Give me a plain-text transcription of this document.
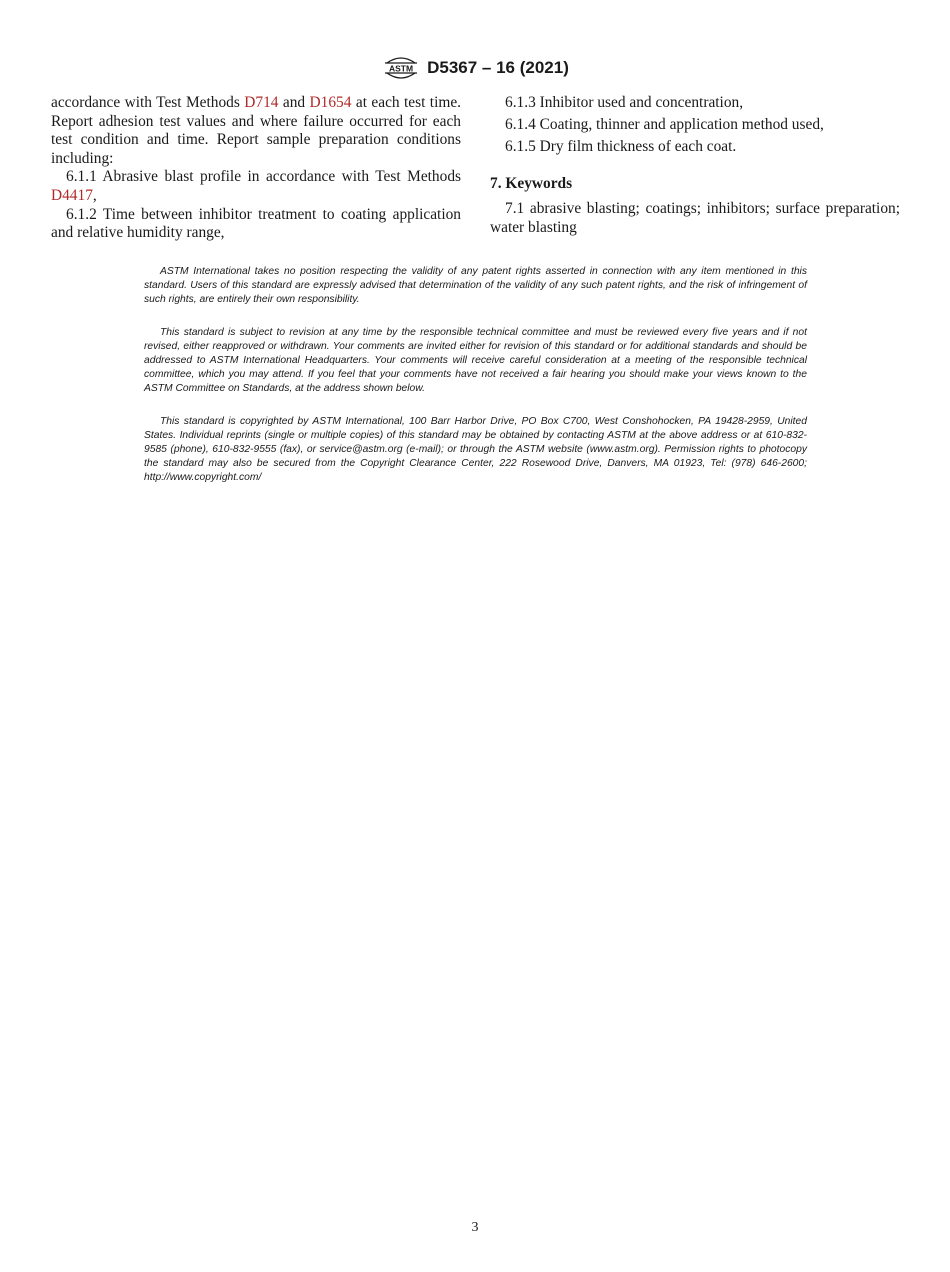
ASTM D5367 – 16 (2021)

accordance with Test Methods D714 and D1654 at each test time. Report adhesion test values and where failure occurred for each test condition and time. Report sample preparation conditions including:

6.1.1 Abrasive blast profile in accordance with Test Methods D4417,

6.1.2 Time between inhibitor treatment to coating application and relative humidity range,

6.1.3 Inhibitor used and concentration,

6.1.4 Coating, thinner and application method used,

6.1.5 Dry film thickness of each coat.

7. Keywords

7.1 abrasive blasting; coatings; inhibitors; surface preparation; water blasting

ASTM International takes no position respecting the validity of any patent rights asserted in connection with any item mentioned in this standard. Users of this standard are expressly advised that determination of the validity of any such patent rights, and the risk of infringement of such rights, are entirely their own responsibility.

This standard is subject to revision at any time by the responsible technical committee and must be reviewed every five years and if not revised, either reapproved or withdrawn. Your comments are invited either for revision of this standard or for additional standards and should be addressed to ASTM International Headquarters. Your comments will receive careful consideration at a meeting of the responsible technical committee, which you may attend. If you feel that your comments have not received a fair hearing you should make your views known to the ASTM Committee on Standards, at the address shown below.

This standard is copyrighted by ASTM International, 100 Barr Harbor Drive, PO Box C700, West Conshohocken, PA 19428-2959, United States. Individual reprints (single or multiple copies) of this standard may be obtained by contacting ASTM at the above address or at 610-832-9585 (phone), 610-832-9555 (fax), or service@astm.org (e-mail); or through the ASTM website (www.astm.org). Permission rights to photocopy the standard may also be secured from the Copyright Clearance Center, 222 Rosewood Drive, Danvers, MA 01923, Tel: (978) 646-2600; http://www.copyright.com/

3
